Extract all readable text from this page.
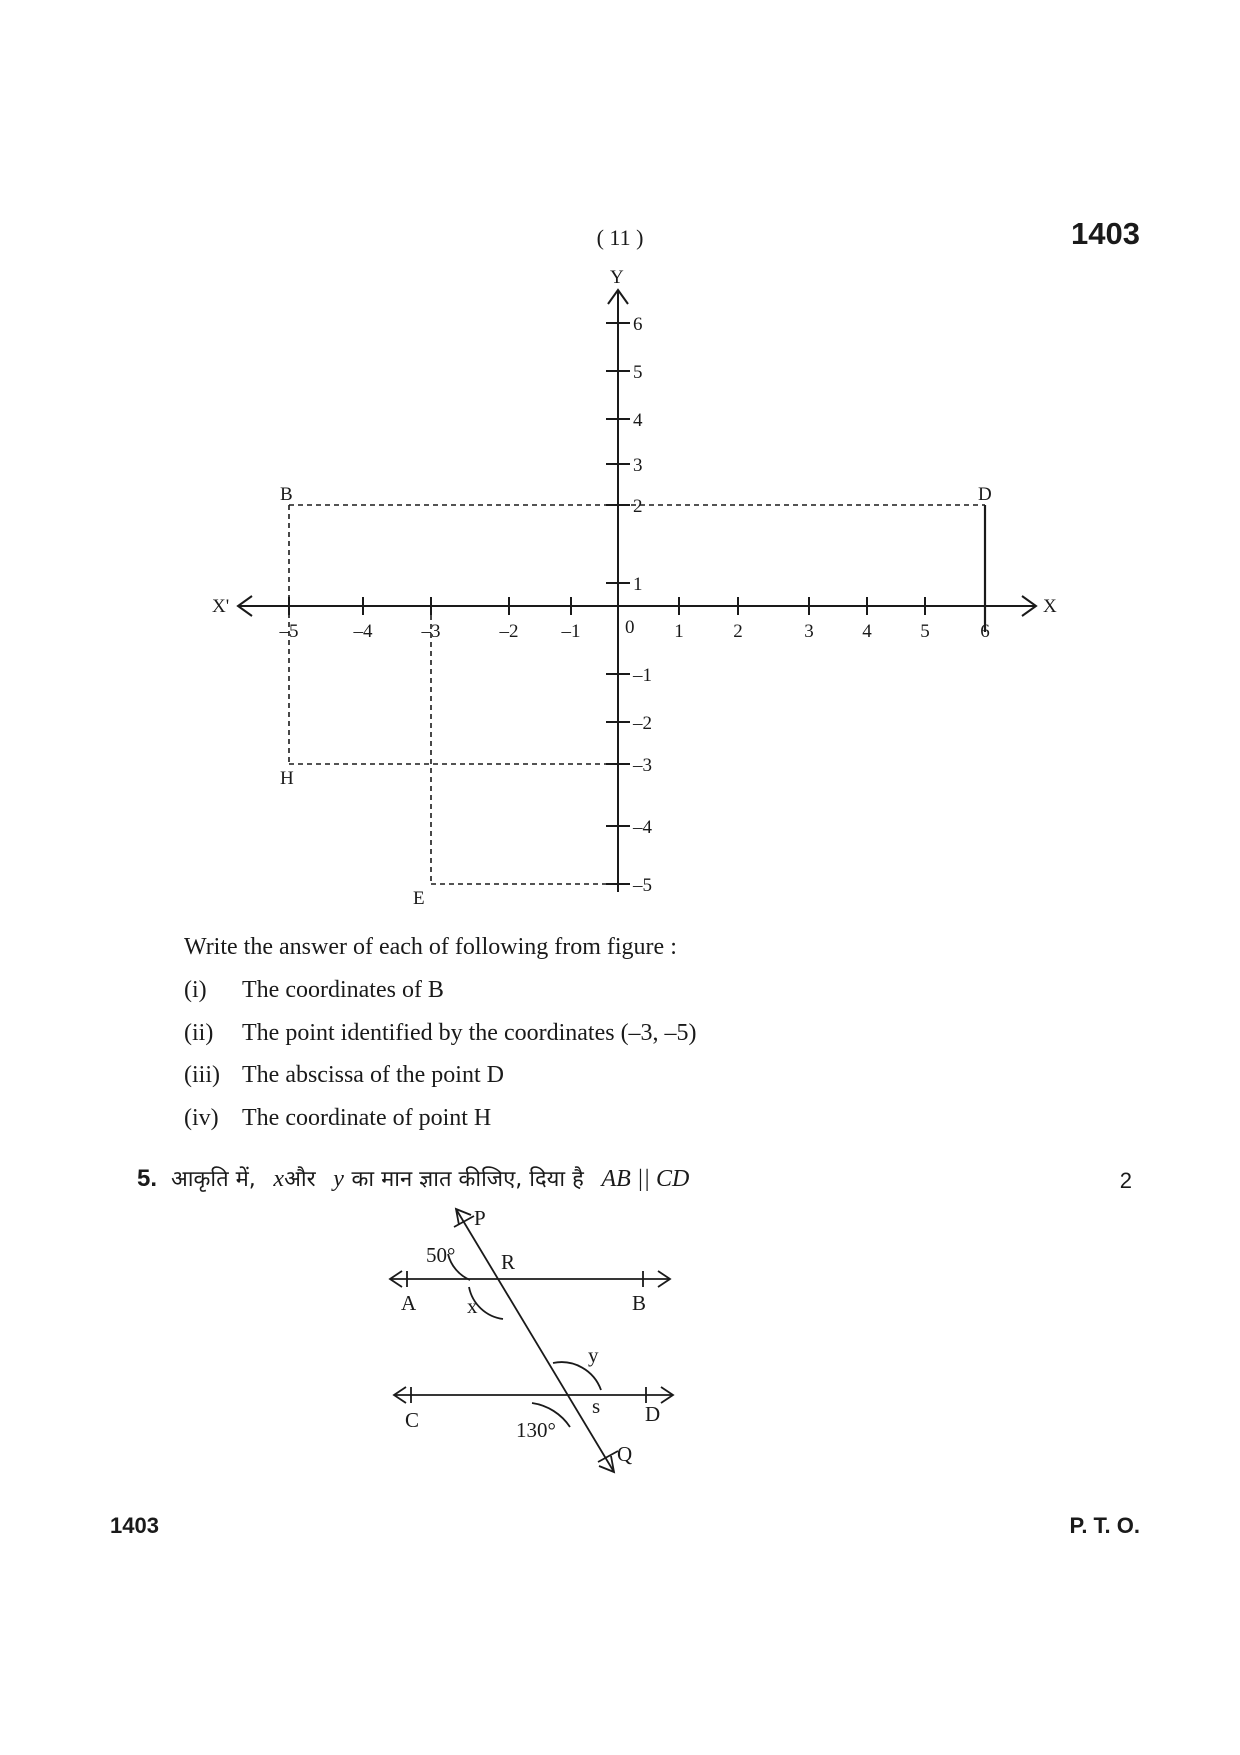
( 11 )	1403
X
X'
Y
0
B	D
H
E
–5	–4	–3	–2 –1	1	2	3	4	5	6
6
5
4
3
2
1
–1
–2
–3
–4
–5
P
R
50°
A x	B
y
s
C	130°
D
Q
Write the answer of each of following from figure :
(i) The coordinates of B
(ii) The point identified by the coordinates (–3, –5)
(iii) The abscissa of the point D
(iv) The coordinate of point H
5. आकृति में, xऔर y का मान ज्ञात कीजिए, दिया है AB || CD	2
1403	P. T. O.
